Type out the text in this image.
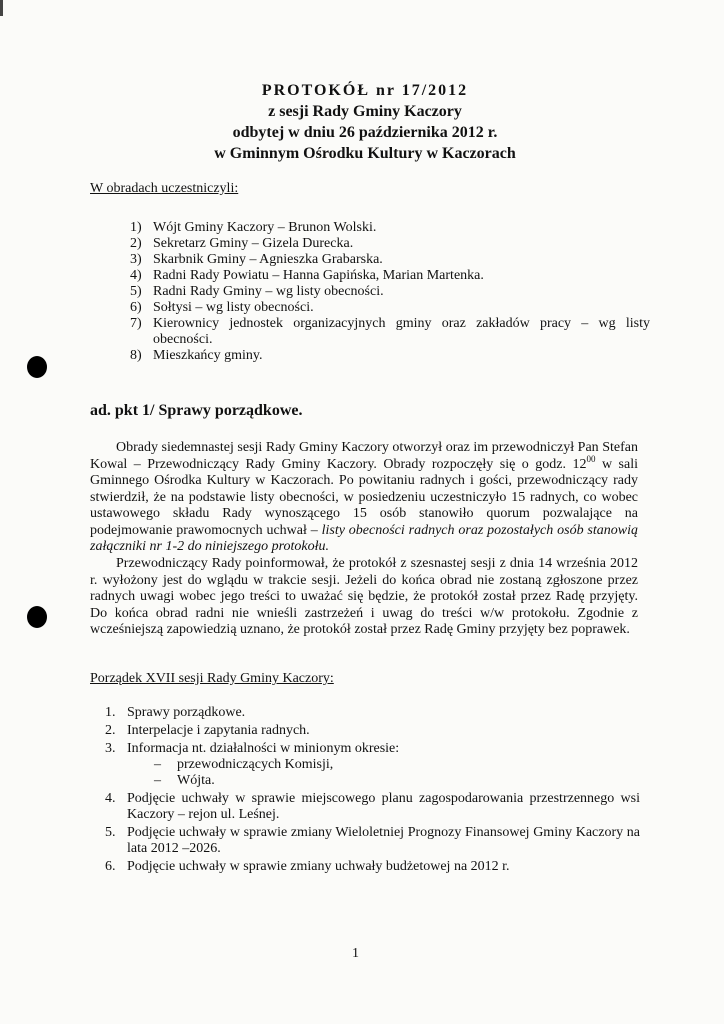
PROTOKÓŁ nr 17/2012
z sesji Rady Gminy Kaczory
odbytej w dniu 26 października 2012 r.
w Gminnym Ośrodku Kultury w Kaczorach
W obradach uczestniczyli:
1) Wójt Gminy Kaczory – Brunon Wolski.
2) Sekretarz Gminy – Gizela Durecka.
3) Skarbnik Gminy – Agnieszka Grabarska.
4) Radni Rady Powiatu – Hanna Gapińska, Marian Martenka.
5) Radni Rady Gminy – wg listy obecności.
6) Sołtysi – wg listy obecności.
7) Kierownicy jednostek organizacyjnych gminy oraz zakładów pracy – wg listy obecności.
8) Mieszkańcy gminy.
ad. pkt 1/ Sprawy porządkowe.

Obrady siedemnastej sesji Rady Gminy Kaczory otworzył oraz im przewodniczył Pan Stefan Kowal – Przewodniczący Rady Gminy Kaczory. Obrady rozpoczęły się o godz. $12^{00}$ w sali Gminnego Ośrodka Kultury w Kaczorach. Po powitaniu radnych i gości, przewodniczący rady stwierdził, że na podstawie listy obecności, w posiedzeniu uczestniczyło 15 radnych, co wobec ustawowego składu Rady wynoszącego 15 osób stanowiło quorum pozwalające na podejmowanie prawomocnych uchwał – listy obecności radnych oraz pozostałych osób stanowią załączniki nr 1-2 do niniejszego protokołu.

Przewodniczący Rady poinformował, że protokół z szesnastej sesji z dnia 14 września 2012 r. wyłożony jest do wglądu w trakcie sesji. Jeżeli do końca obrad nie zostaną zgłoszone przez radnych uwagi wobec jego treści to uważać się będzie, że protokół został przez Radę przyjęty. Do końca obrad radni nie wnieśli zastrzeżeń i uwag do treści w/w protokołu. Zgodnie z wcześniejszą zapowiedzią uznano, że protokół został przez Radę Gminy przyjęty bez poprawek.

Porządek XVII sesji Rady Gminy Kaczory:
1. Sprawy porządkowe.
2. Interpelacje i zapytania radnych.
3. Informacja nt. działalności w minionym okresie:
– przewodniczących Komisji,
– Wójta.
4. Podjęcie uchwały w sprawie miejscowego planu zagospodarowania przestrzennego wsi Kaczory – rejon ul. Leśnej.
5. Podjęcie uchwały w sprawie zmiany Wieloletniej Prognozy Finansowej Gminy Kaczory na lata 2012 –2026.
6. Podjęcie uchwały w sprawie zmiany uchwały budżetowej na 2012 r.
1
